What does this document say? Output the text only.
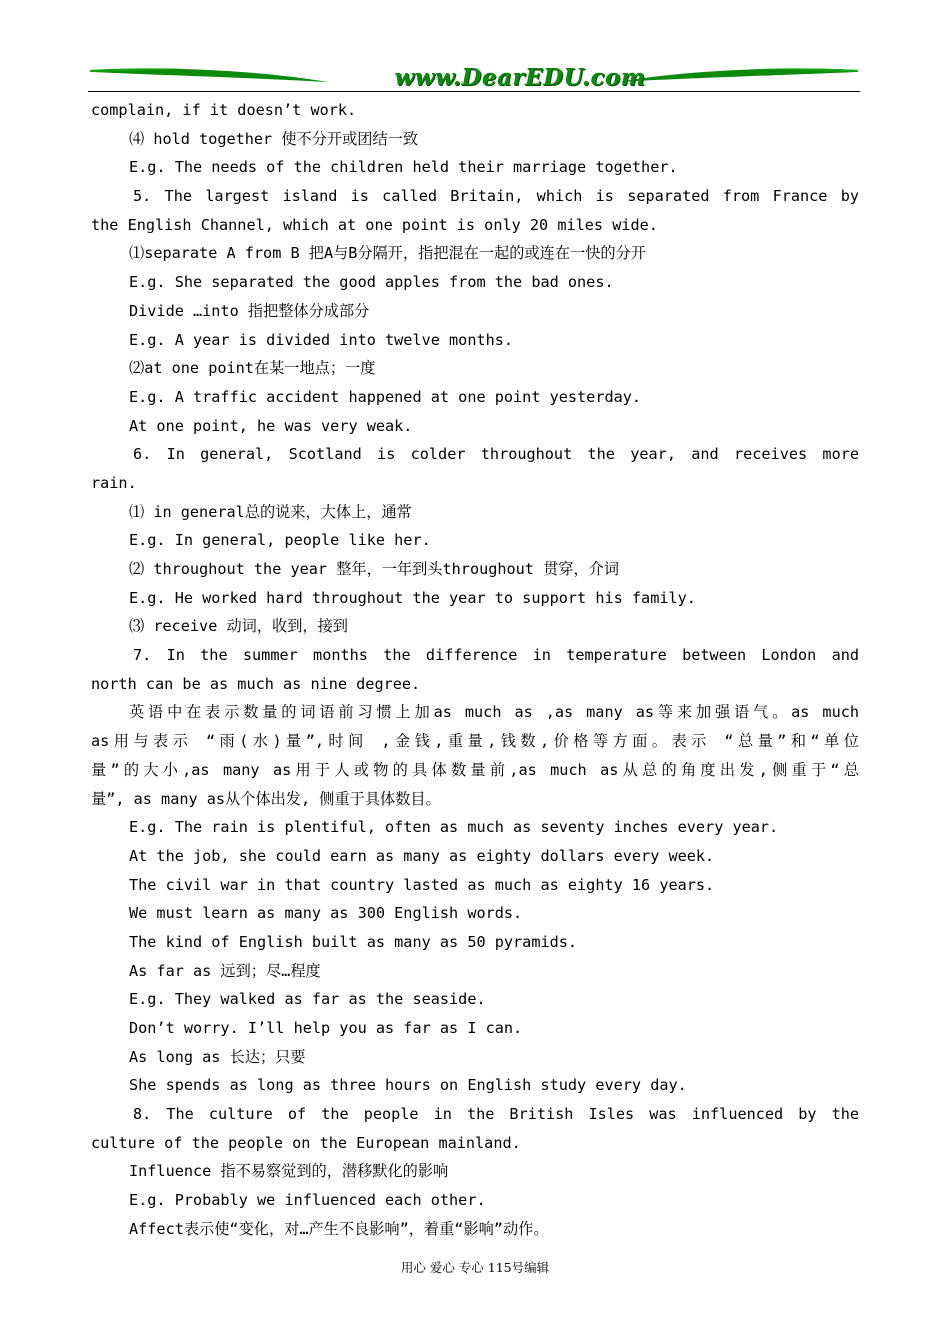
www.DearEDU.com
complain, if it doesn’t work.
⑷ hold together 使不分开或团结一致
E.g. The needs of the children held their marriage together.
5. The largest island is called Britain, which is separated from France by
the English Channel, which at one point is only 20 miles wide.
⑴separate A from B 把A与B分隔开，指把混在一起的或连在一快的分开
E.g. She separated the good apples from the bad ones.
Divide …into 指把整体分成部分
E.g. A year is divided into twelve months.
⑵at one point在某一地点；一度
E.g. A traffic accident happened at one point yesterday.
At one point, he was very weak.
6. In general, Scotland is colder throughout the year, and receives more
rain.
⑴ in general总的说来，大体上，通常
E.g. In general, people like her.
⑵ throughout the year 整年，一年到头throughout 贯穿，介词
E.g. He worked hard throughout the year to support his family.
⑶ receive 动词，收到，接到
7. In the summer months the difference in temperature between London and
north can be as much as nine degree.
英语中在表示数量的词语前习惯上加as much as ,as many as等来加强语气。as much
as用与表示 “雨(水)量”,时间 ,金钱,重量,钱数,价格等方面。表示 “总量”和“单位
量”的大小,as many as用于人或物的具体数量前,as much as从总的角度出发,侧重于“总
量”, as many as从个体出发, 侧重于具体数目。
E.g. The rain is plentiful, often as much as seventy inches every year.
At the job, she could earn as many as eighty dollars every week.
The civil war in that country lasted as much as eighty 16 years.
We must learn as many as 300 English words.
The kind of English built as many as 50 pyramids.
As far as 远到；尽…程度
E.g. They walked as far as the seaside.
Don’t worry. I’ll help you as far as I can.
As long as 长达；只要
She spends as long as three hours on English study every day.
8. The culture of the people in the British Isles was influenced by the
culture of the people on the European mainland.
Influence 指不易察觉到的，潜移默化的影响
E.g. Probably we influenced each other.
Affect表示使“变化，对…产生不良影响”，着重“影响”动作。
用心 爱心 专心 115号编辑
